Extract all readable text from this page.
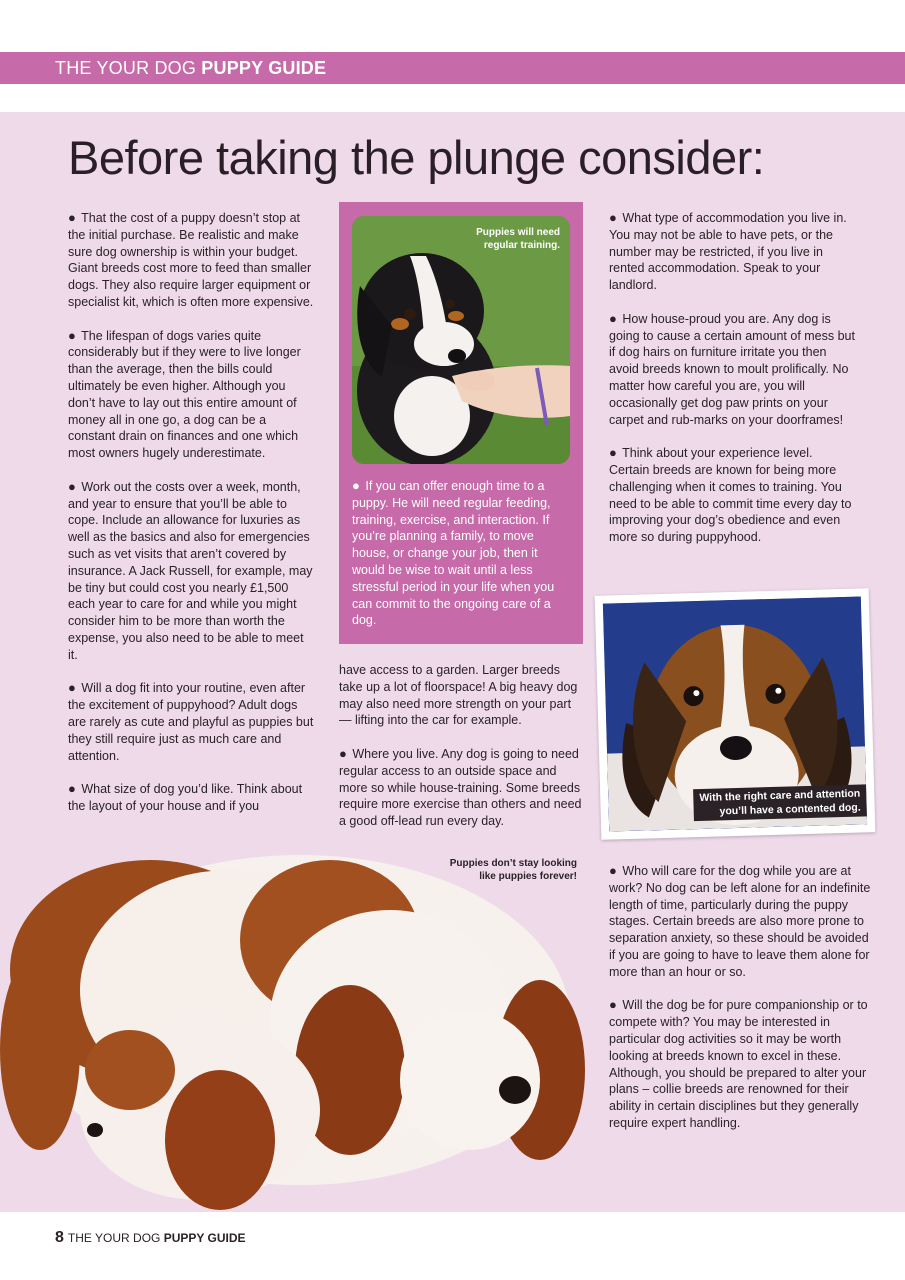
THE YOUR DOG PUPPY GUIDE
Before taking the plunge consider:

● That the cost of a puppy doesn’t stop at the initial purchase. Be realistic and make sure dog ownership is within your budget. Giant breeds cost more to feed than smaller dogs. They also require larger equipment or specialist kit, which is often more expensive.

● The lifespan of dogs varies quite considerably but if they were to live longer than the average, then the bills could ultimately be even higher. Although you don’t have to lay out this entire amount of money all in one go, a dog can be a constant drain on finances and one which most owners hugely underestimate.

● Work out the costs over a week, month, and year to ensure that you’ll be able to cope. Include an allowance for luxuries as well as the basics and also for emergencies such as vet visits that aren’t covered by insurance. A Jack Russell, for example, may be tiny but could cost you nearly £1,500 each year to care for and while you might consider him to be more than worth the expense, you also need to be able to meet it.

● Will a dog fit into your routine, even after the excitement of puppyhood? Adult dogs are rarely as cute and playful as puppies but they still require just as much care and attention.

● What size of dog you’d like. Think about the layout of your house and if you

Puppies will need regular training.
● If you can offer enough time to a puppy. He will need regular feeding, training, exercise, and interaction. If you’re planning a family, to move house, or change your job, then it would be wise to wait until a less stressful period in your life when you can commit to the ongoing care of a dog.

have access to a garden. Larger breeds take up a lot of floorspace! A big heavy dog may also need more strength on your part — lifting into the car for example.

● Where you live. Any dog is going to need regular access to an outside space and more so while house-training. Some breeds require more exercise than others and need a good off-lead run every day.

● What type of accommodation you live in. You may not be able to have pets, or the number may be restricted, if you live in rented accommodation. Speak to your landlord.

● How house-proud you are. Any dog is going to cause a certain amount of mess but if dog hairs on furniture irritate you then avoid breeds known to moult prolifically. No matter how careful you are, you will occasionally get dog paw prints on your carpet and rub-marks on your doorframes!

● Think about your experience level. Certain breeds are known for being more challenging when it comes to training. You need to be able to commit time every day to improving your dog’s obedience and even more so during puppyhood.

With the right care and attention
you’ll have a contented dog.

● Who will care for the dog while you are at work? No dog can be left alone for an indefinite length of time, particularly during the puppy stages. Certain breeds are also more prone to separation anxiety, so these should be avoided if you are going to have to leave them alone for more than an hour or so.

● Will the dog be for pure companionship or to compete with? You may be interested in particular dog activities so it may be worth looking at breeds known to excel in these. Although, you should be prepared to alter your plans – collie breeds are renowned for their ability in certain disciplines but they generally require expert handling.

Puppies don’t stay looking
like puppies forever!
8 THE YOUR DOG PUPPY GUIDE
